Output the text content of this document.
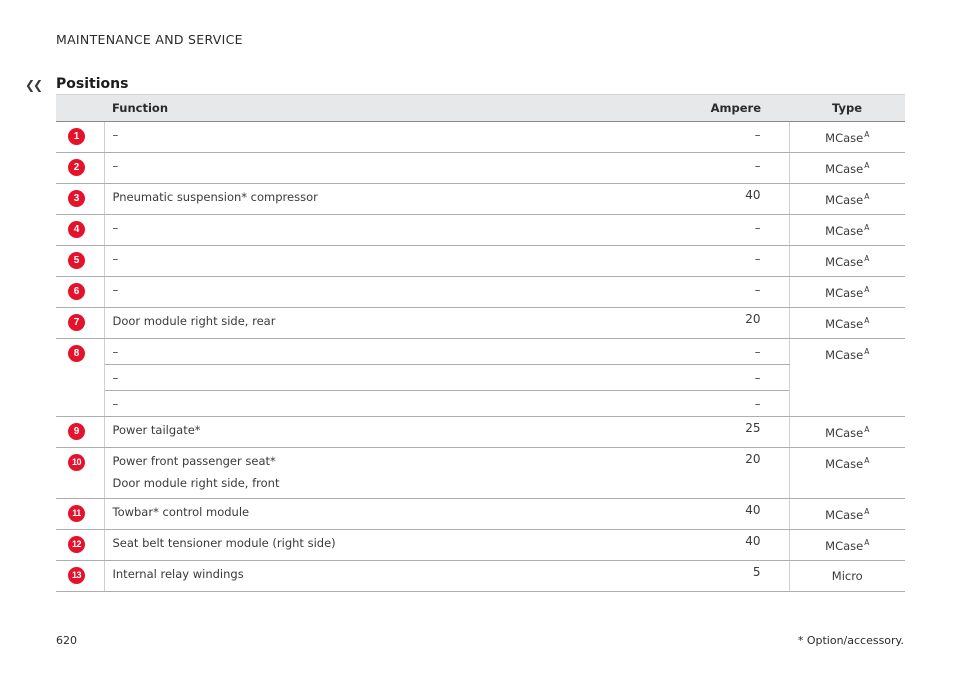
MAINTENANCE AND SERVICE
❮❮ Positions
	Function	Ampere	Type
1	–	–	MCase$^A$
2	–	–	MCase$^A$
3	Pneumatic suspension* compressor	40	MCase$^A$
4	–	–	MCase$^A$
5	–	–	MCase$^A$
6	–	–	MCase$^A$
7	Door module right side, rear	20	MCase$^A$
8	–	–	MCase$^A$
	–	–	
	–	–	
9	Power tailgate*	25	MCase$^A$
10	Power front passenger seat*
Door module right side, front	20	MCase$^A$
11	Towbar* control module	40	MCase$^A$
12	Seat belt tensioner module (right side)	40	MCase$^A$
13	Internal relay windings	5	Micro
620	* Option/accessory.
